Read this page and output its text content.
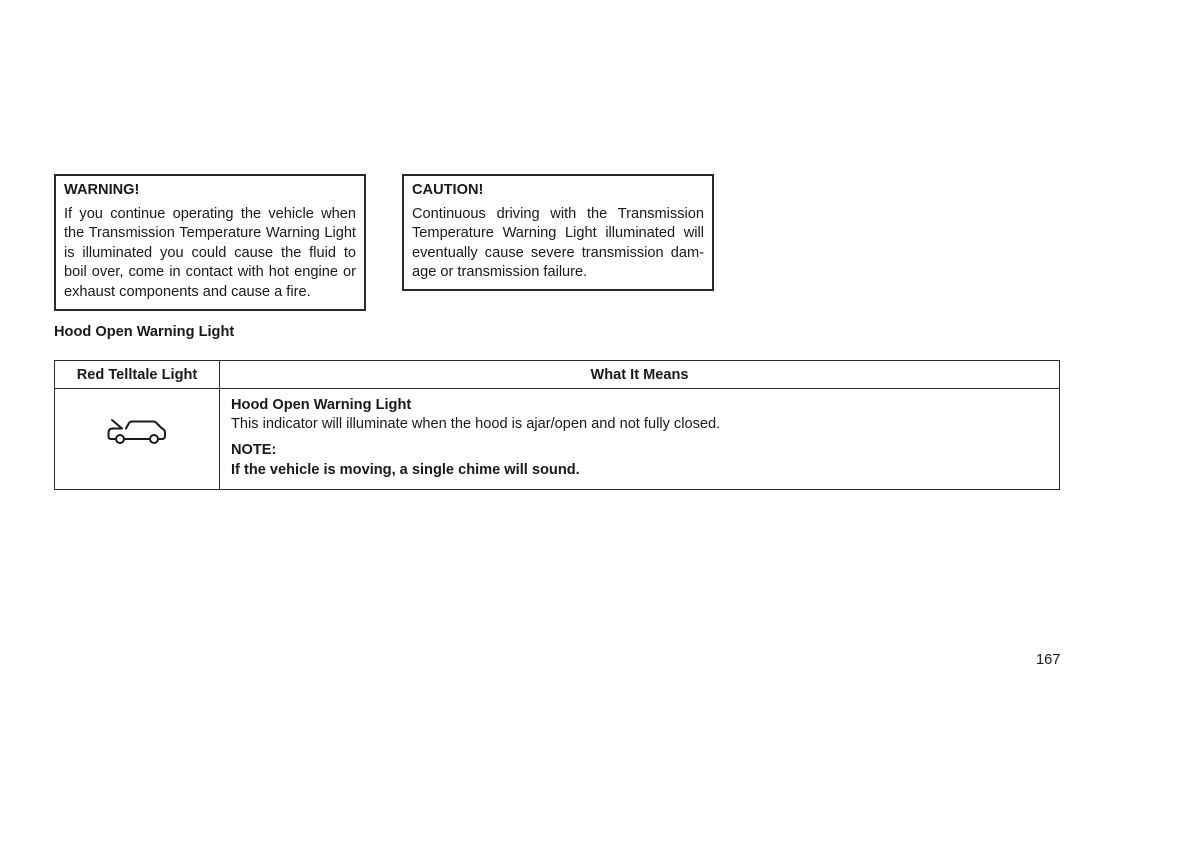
WARNING!
If you continue operating the vehicle when the Transmission Temperature Warning Light is illuminated you could cause the fluid to boil over, come in contact with hot engine or exhaust components and cause a fire.
CAUTION!
Continuous driving with the Transmission Temperature Warning Light illuminated will eventually cause severe transmission dam-age or transmission failure.
Hood Open Warning Light
Red Telltale Light	What It Means

Hood Open Warning Light
This indicator will illuminate when the hood is ajar/open and not fully closed.
NOTE:
If the vehicle is moving, a single chime will sound.
167
